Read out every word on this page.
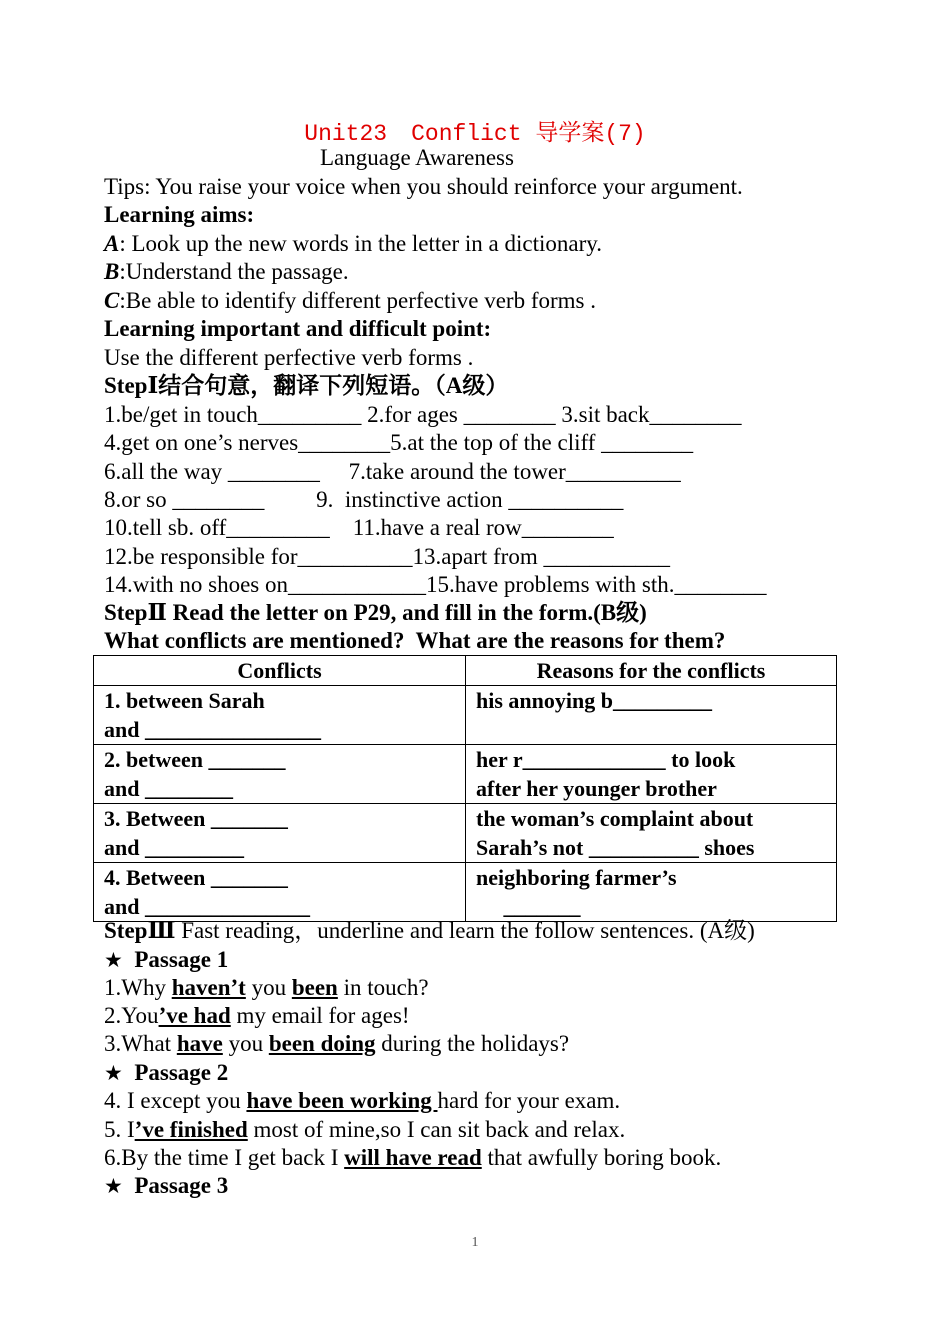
Unit23 Conflict 导学案(7)
Language Awareness
Tips: You raise your voice when you should reinforce your argument.
Learning aims:
A: Look up the new words in the letter in a dictionary.
B:Understand the passage.
C:Be able to identify different perfective verb forms .
Learning important and difficult point:
Use the different perfective verb forms .
StepⅠ结合句意，翻译下列短语。（A级）
1.be/get in touch_________ 2.for ages ________ 3.sit back________
4.get on one’s nerves________5.at the top of the cliff ________
6.all the way ________     7.take around the tower__________
8.or so ________         9.  instinctive action __________
10.tell sb. off_________    11.have a real row________
12.be responsible for__________13.apart from ___________
14.with no shoes on____________15.have problems with sth.________
StepⅡ Read the letter on P29, and fill in the form.(B级)
What conflicts are mentioned?  What are the reasons for them?
Conflicts	Reasons for the conflicts
1. between Sarah
and ________________	his annoying b_________

2. between _______
and ________	her r_____________ to look
after her younger brother
3. Between _______
and _________	the woman’s complaint about
Sarah’s not __________ shoes
4. Between _______
and _______________	neighboring farmer’s
_______
StepⅢ Fast reading，underline and learn the follow sentences. (A级)
★ Passage 1
1.Why haven’t you been in touch?
2.You’ve had my email for ages!
3.What have you been doing during the holidays?
★ Passage 2
4. I except you have been working hard for your exam.
5. I’ve finished most of mine,so I can sit back and relax.
6.By the time I get back I will have read that awfully boring book.
★ Passage 3
1
